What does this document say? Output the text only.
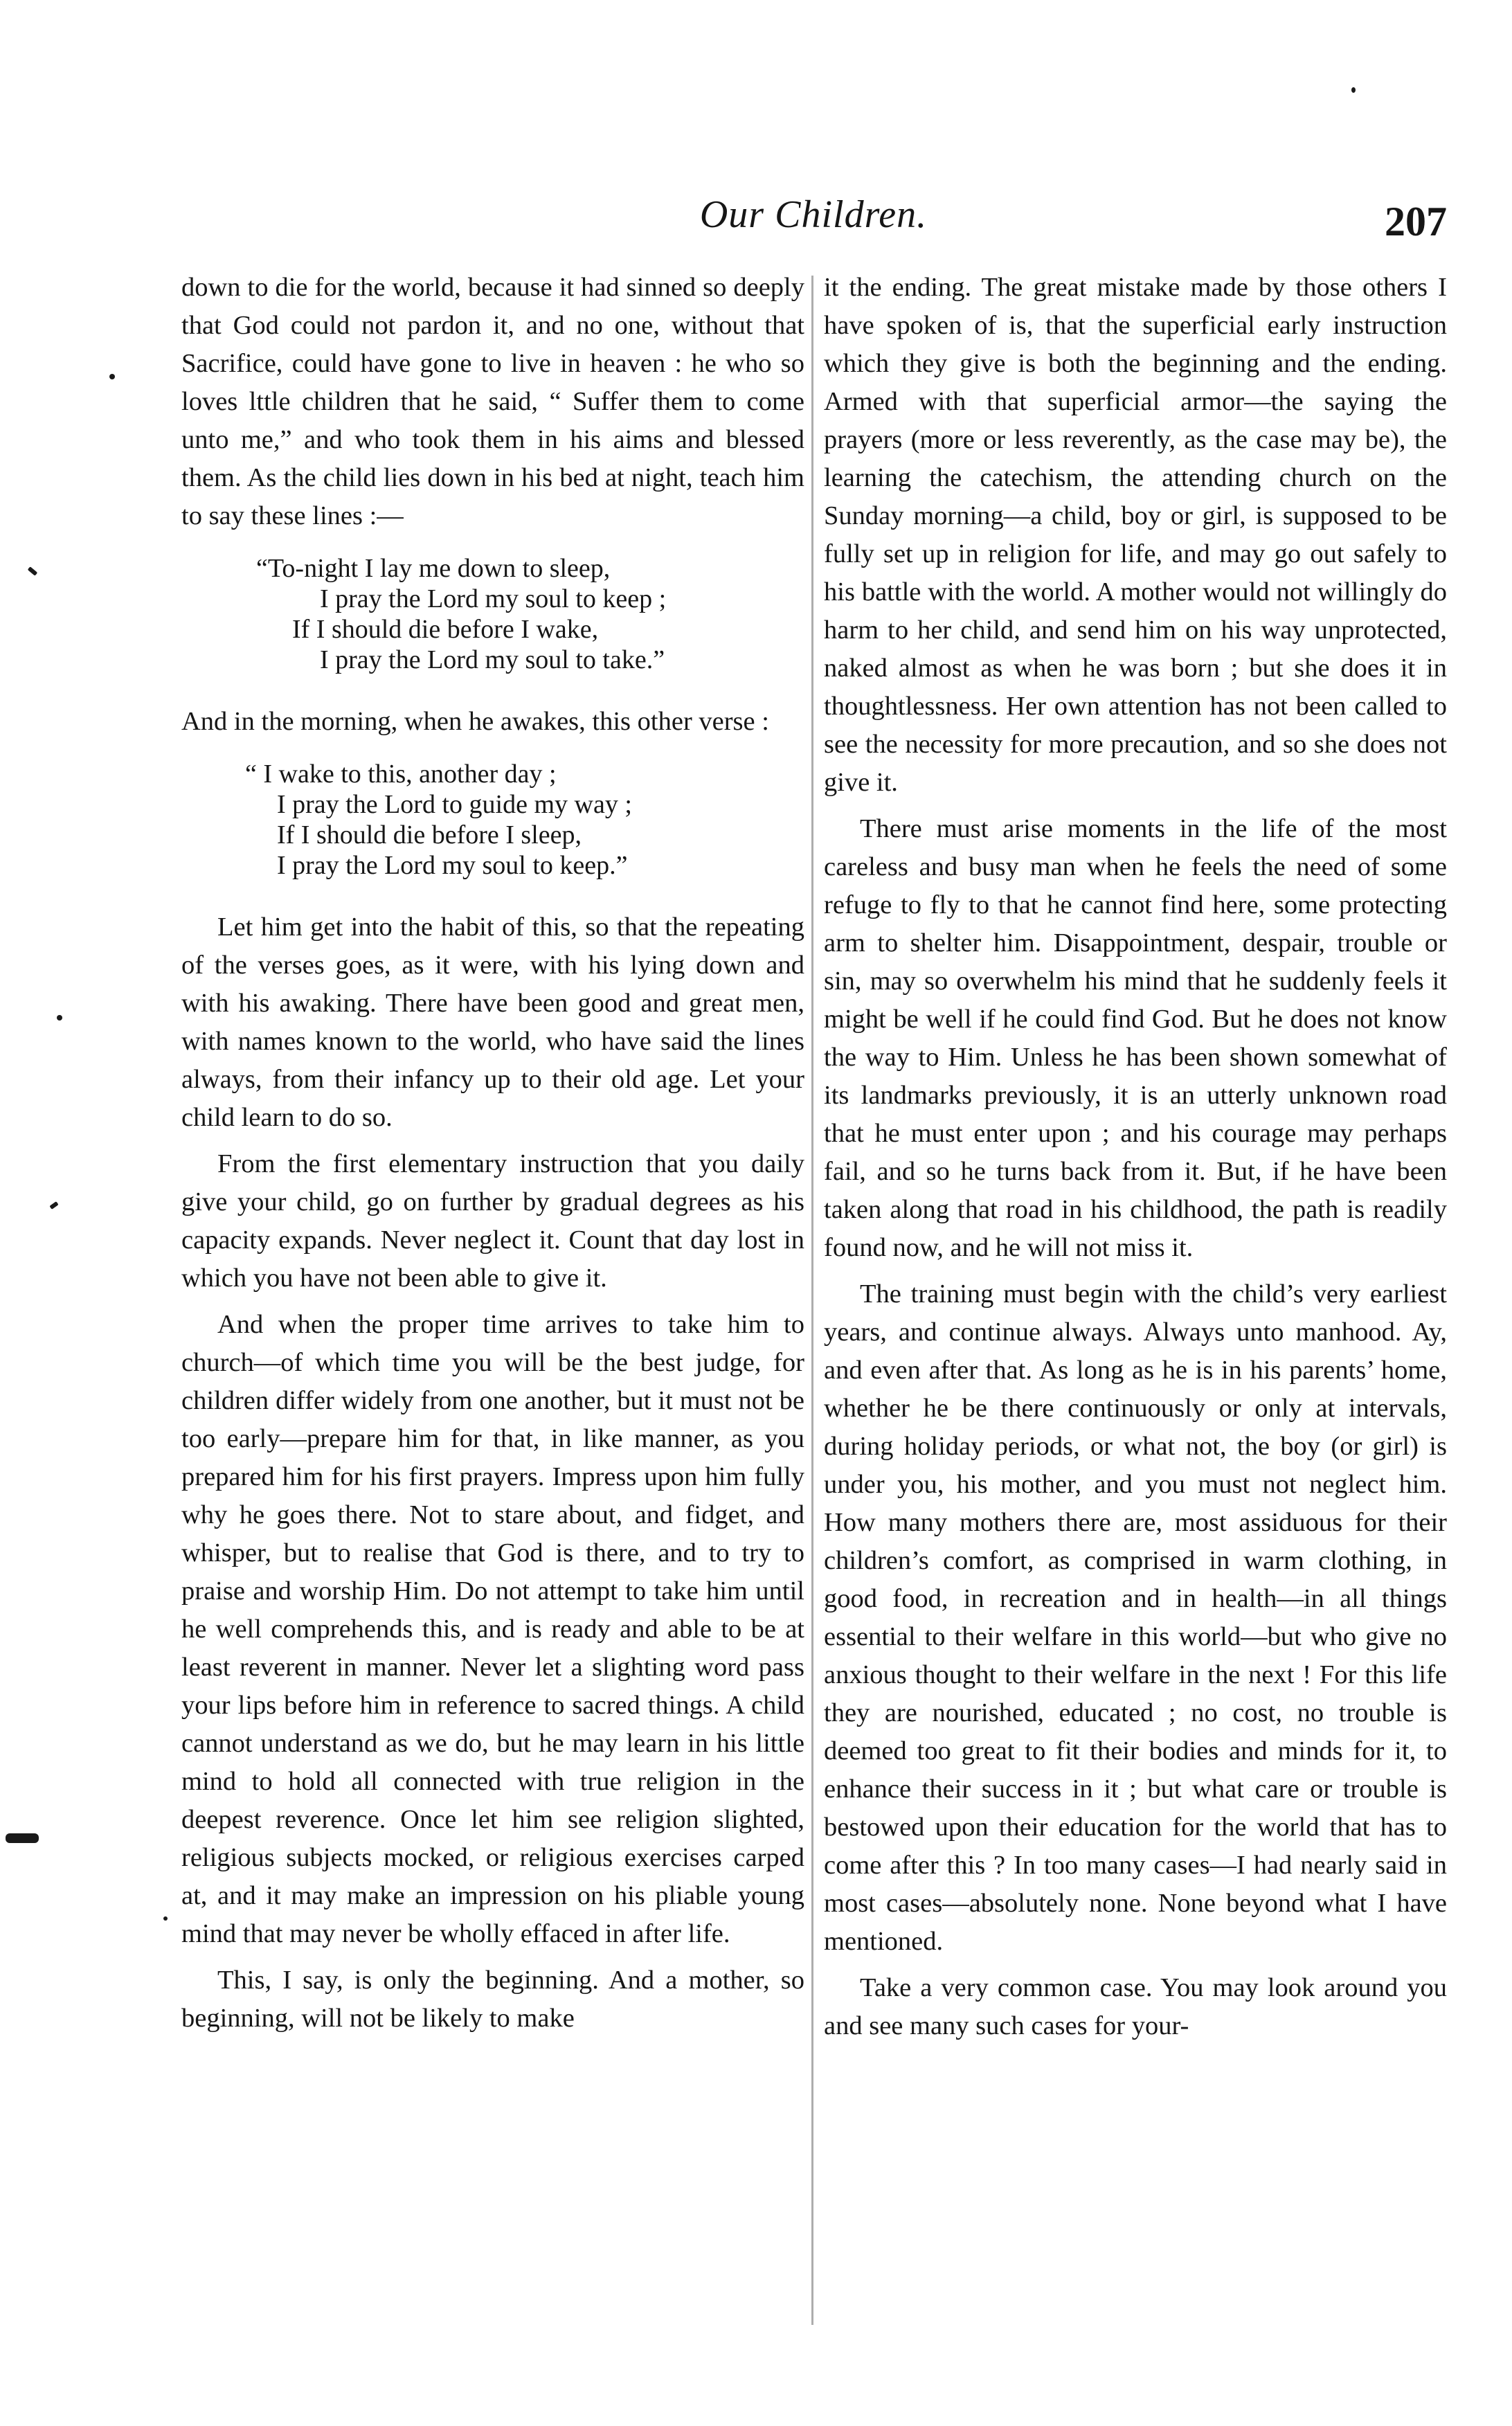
Our Children.	207

down to die for the world, because it had sinned so deeply that God could not pardon it, and no one, without that Sacrifice, could have gone to live in heaven : he who so loves lttle children that he said, “ Suffer them to come unto me,” and who took them in his aims and blessed them. As the child lies down in his bed at night, teach him to say these lines :—

“To-night I lay me down to sleep,
I pray the Lord my soul to keep ;
If I should die before I wake,
I pray the Lord my soul to take.”

And in the morning, when he awakes, this other verse :

“ I wake to this, another day ;
I pray the Lord to guide my way ;
If I should die before I sleep,
I pray the Lord my soul to keep.”

Let him get into the habit of this, so that the repeating of the verses goes, as it were, with his lying down and with his awaking. There have been good and great men, with names known to the world, who have said the lines always, from their infancy up to their old age. Let your child learn to do so.

From the first elementary instruction that you daily give your child, go on further by gradual degrees as his capacity expands. Never neglect it. Count that day lost in which you have not been able to give it.

And when the proper time arrives to take him to church—of which time you will be the best judge, for children differ widely from one another, but it must not be too early—prepare him for that, in like manner, as you prepared him for his first prayers. Impress upon him fully why he goes there. Not to stare about, and fidget, and whisper, but to realise that God is there, and to try to praise and worship Him. Do not attempt to take him until he well comprehends this, and is ready and able to be at least reverent in manner. Never let a slighting word pass your lips before him in reference to sacred things. A child cannot understand as we do, but he may learn in his little mind to hold all connected with true religion in the deepest reverence. Once let him see religion slighted, religious subjects mocked, or religious exercises carped at, and it may make an impression on his pliable young mind that may never be wholly effaced in after life.

This, I say, is only the beginning. And a mother, so beginning, will not be likely to make

it the ending. The great mistake made by those others I have spoken of is, that the superficial early instruction which they give is both the beginning and the ending. Armed with that superficial armor—the saying the prayers (more or less reverently, as the case may be), the learning the catechism, the attending church on the Sunday morning—a child, boy or girl, is supposed to be fully set up in religion for life, and may go out safely to his battle with the world. A mother would not willingly do harm to her child, and send him on his way unprotected, naked almost as when he was born ; but she does it in thoughtlessness. Her own attention has not been called to see the necessity for more precaution, and so she does not give it.

There must arise moments in the life of the most careless and busy man when he feels the need of some refuge to fly to that he cannot find here, some protecting arm to shelter him. Disappointment, despair, trouble or sin, may so overwhelm his mind that he suddenly feels it might be well if he could find God. But he does not know the way to Him. Unless he has been shown somewhat of its landmarks previously, it is an utterly unknown road that he must enter upon ; and his courage may perhaps fail, and so he turns back from it. But, if he have been taken along that road in his childhood, the path is readily found now, and he will not miss it.

The training must begin with the child’s very earliest years, and continue always. Always unto manhood. Ay, and even after that. As long as he is in his parents’ home, whether he be there continuously or only at intervals, during holiday periods, or what not, the boy (or girl) is under you, his mother, and you must not neglect him. How many mothers there are, most assiduous for their children’s comfort, as comprised in warm clothing, in good food, in recreation and in health—in all things essential to their welfare in this world—but who give no anxious thought to their welfare in the next ! For this life they are nourished, educated ; no cost, no trouble is deemed too great to fit their bodies and minds for it, to enhance their success in it ; but what care or trouble is bestowed upon their education for the world that has to come after this ? In too many cases—I had nearly said in most cases—absolutely none. None beyond what I have mentioned.

Take a very common case. You may look around you and see many such cases for your-
